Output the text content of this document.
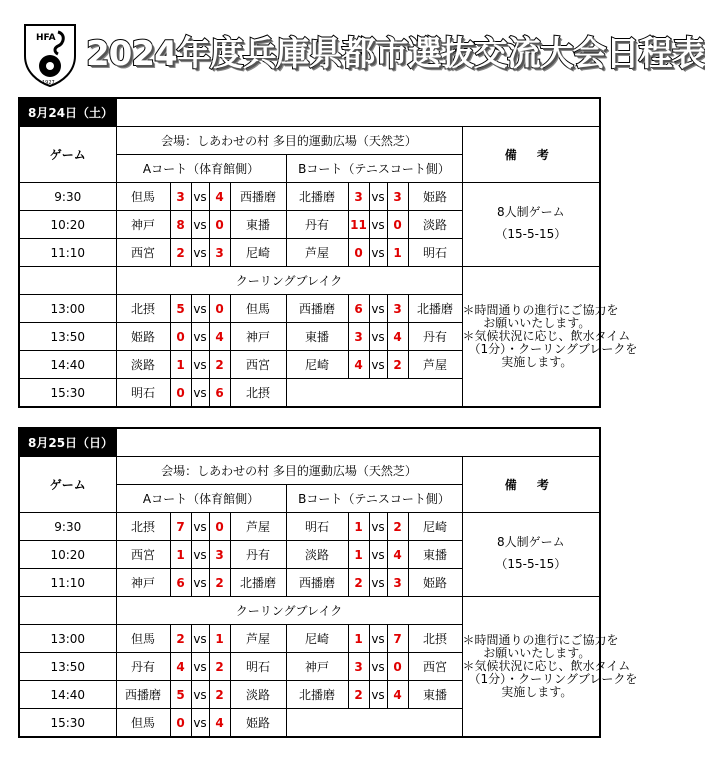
HFA
1927
2024年度兵庫県都市選抜交流大会日程表
8月24日（土）											
ゲーム	会場：しあわせの村 多目的運動広場（天然芝）										備 考
	Aコート（体育館側）					Bコート（テニスコート側）					
9:30	但馬	3	vs	4	西播磨	北播磨	3	vs	3	姫路	8人制ゲーム
（15-5-15）

10:20	神戸	8	vs	0	東播	丹有	11	vs	0	淡路	
11:10	西宮	2	vs	3	尼崎	芦屋	0	vs	1	明石	
	クーリングブレイク										＊時間通りの進行にご協力を
　お願いいたします。
＊気候状況に応じ、飲水タイム
　（1分）・クーリングブレークを
　実施します。

13:00	北摂	5	vs	0	但馬	西播磨	6	vs	3	北播磨	
13:50	姫路	0	vs	4	神戸	東播	3	vs	4	丹有	
14:40	淡路	1	vs	2	西宮	尼崎	4	vs	2	芦屋	
15:30	明石	0	vs	6	北摂						
8月25日（日）											
ゲーム	会場：しあわせの村 多目的運動広場（天然芝）										備 考
	Aコート（体育館側）					Bコート（テニスコート側）					
9:30	北摂	7	vs	0	芦屋	明石	1	vs	2	尼崎	8人制ゲーム
（15-5-15）

10:20	西宮	1	vs	3	丹有	淡路	1	vs	4	東播	
11:10	神戸	6	vs	2	北播磨	西播磨	2	vs	3	姫路	
	クーリングブレイク										＊時間通りの進行にご協力を
　お願いいたします。
＊気候状況に応じ、飲水タイム
　（1分）・クーリングブレークを
　実施します。

13:00	但馬	2	vs	1	芦屋	尼崎	1	vs	7	北摂	
13:50	丹有	4	vs	2	明石	神戸	3	vs	0	西宮	
14:40	西播磨	5	vs	2	淡路	北播磨	2	vs	4	東播	
15:30	但馬	0	vs	4	姫路						
